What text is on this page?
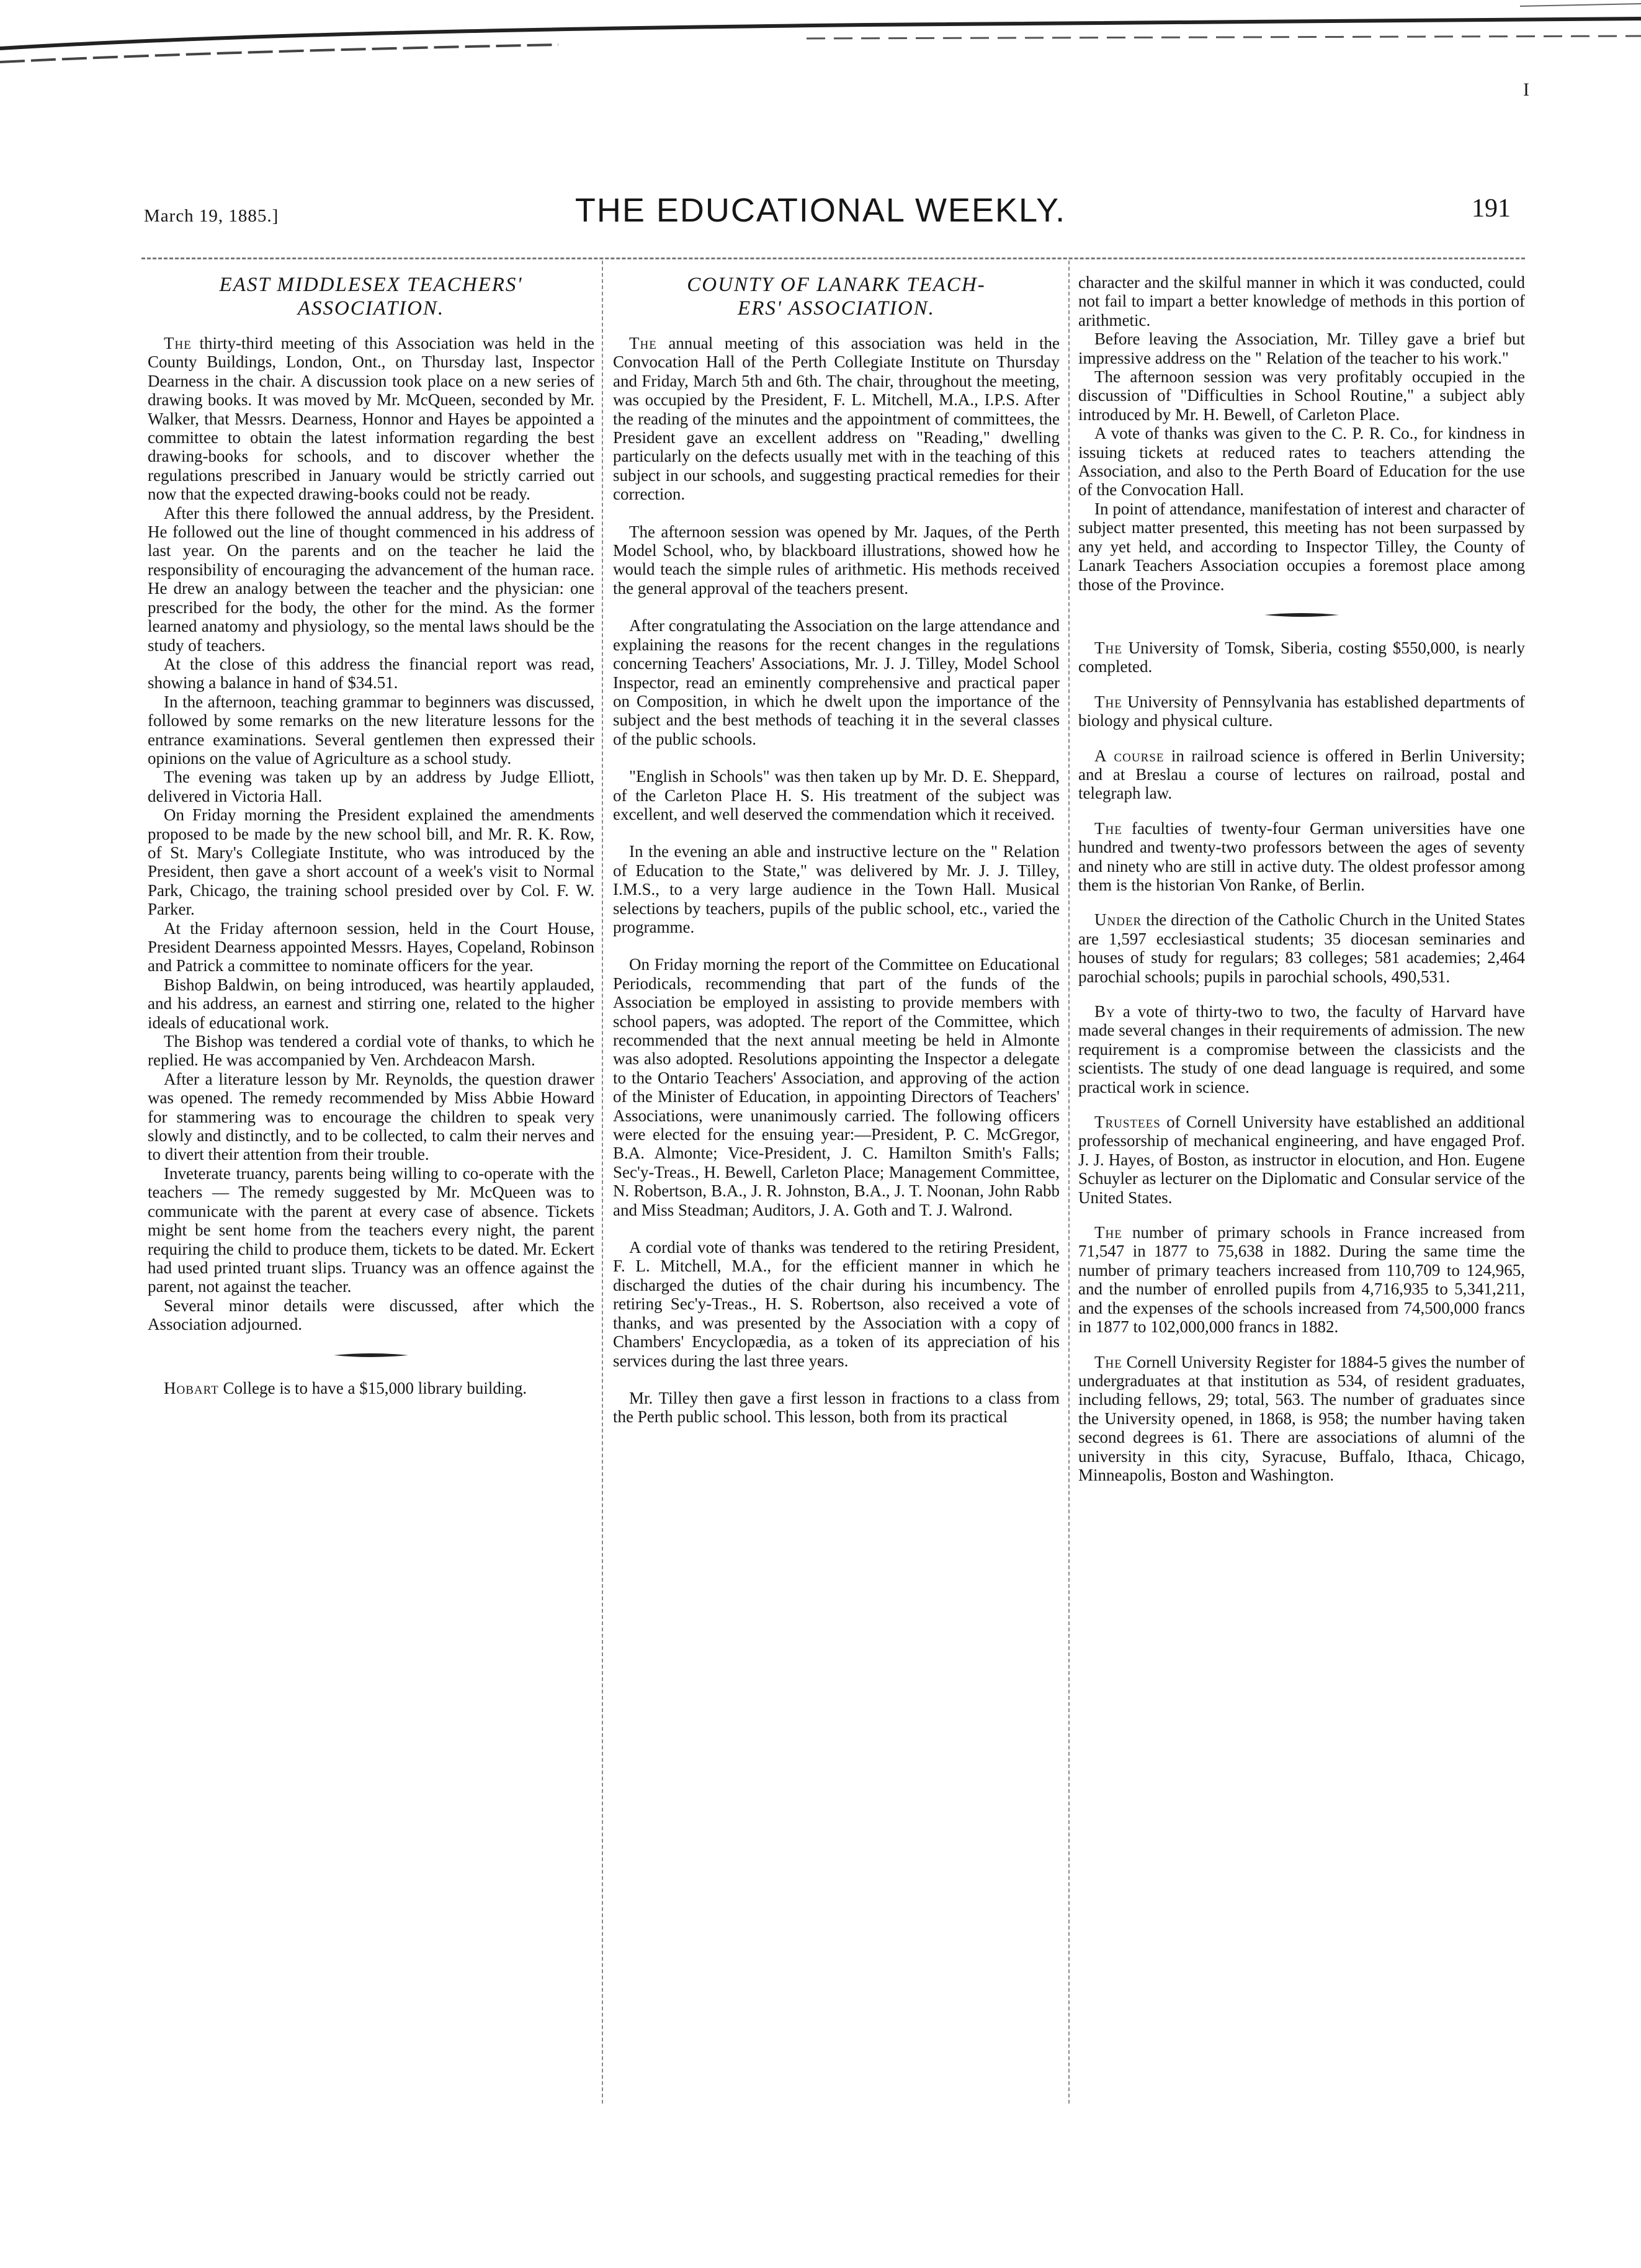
I
March 19, 1885.]	THE EDUCATIONAL WEEKLY.	191
EAST MIDDLESEX TEACHERS'
ASSOCIATION.

The thirty-third meeting of this Association was held in the County Buildings, London, Ont., on Thursday last, Inspector Dearness in the chair. A discussion took place on a new series of drawing books. It was moved by Mr. McQueen, seconded by Mr. Walker, that Messrs. Dearness, Honnor and Hayes be appointed a committee to obtain the latest information regarding the best drawing-books for schools, and to discover whether the regulations prescribed in January would be strictly carried out now that the expected drawing-books could not be ready.

After this there followed the annual address, by the President. He followed out the line of thought commenced in his address of last year. On the parents and on the teacher he laid the responsibility of encouraging the advancement of the human race. He drew an analogy between the teacher and the physician: one prescribed for the body, the other for the mind. As the former learned anatomy and physiology, so the mental laws should be the study of teachers.

At the close of this address the financial report was read, showing a balance in hand of $34.51.

In the afternoon, teaching grammar to beginners was discussed, followed by some remarks on the new literature lessons for the entrance examinations. Several gentlemen then expressed their opinions on the value of Agriculture as a school study.

The evening was taken up by an address by Judge Elliott, delivered in Victoria Hall.

On Friday morning the President explained the amendments proposed to be made by the new school bill, and Mr. R. K. Row, of St. Mary's Collegiate Institute, who was introduced by the President, then gave a short account of a week's visit to Normal Park, Chicago, the training school presided over by Col. F. W. Parker.

At the Friday afternoon session, held in the Court House, President Dearness appointed Messrs. Hayes, Copeland, Robinson and Patrick a committee to nominate officers for the year.

Bishop Baldwin, on being introduced, was heartily applauded, and his address, an earnest and stirring one, related to the higher ideals of educational work.

The Bishop was tendered a cordial vote of thanks, to which he replied. He was accompanied by Ven. Archdeacon Marsh.

After a literature lesson by Mr. Reynolds, the question drawer was opened. The remedy recommended by Miss Abbie Howard for stammering was to encourage the children to speak very slowly and distinctly, and to be collected, to calm their nerves and to divert their attention from their trouble.

Inveterate truancy, parents being willing to co-operate with the teachers — The remedy suggested by Mr. McQueen was to communicate with the parent at every case of absence. Tickets might be sent home from the teachers every night, the parent requiring the child to produce them, tickets to be dated. Mr. Eckert had used printed truant slips. Truancy was an offence against the parent, not against the teacher.

Several minor details were discussed, after which the Association adjourned.

Hobart College is to have a $15,000 library building.

COUNTY OF LANARK TEACH-
ERS' ASSOCIATION.

The annual meeting of this association was held in the Convocation Hall of the Perth Collegiate Institute on Thursday and Friday, March 5th and 6th. The chair, throughout the meeting, was occupied by the President, F. L. Mitchell, M.A., I.P.S. After the reading of the minutes and the appointment of committees, the President gave an excellent address on "Reading," dwelling particularly on the defects usually met with in the teaching of this subject in our schools, and suggesting practical remedies for their correction.

The afternoon session was opened by Mr. Jaques, of the Perth Model School, who, by blackboard illustrations, showed how he would teach the simple rules of arithmetic. His methods received the general approval of the teachers present.

After congratulating the Association on the large attendance and explaining the reasons for the recent changes in the regulations concerning Teachers' Associations, Mr. J. J. Tilley, Model School Inspector, read an eminently comprehensive and practical paper on Composition, in which he dwelt upon the importance of the subject and the best methods of teaching it in the several classes of the public schools.

"English in Schools" was then taken up by Mr. D. E. Sheppard, of the Carleton Place H. S. His treatment of the subject was excellent, and well deserved the commendation which it received.

In the evening an able and instructive lecture on the " Relation of Education to the State," was delivered by Mr. J. J. Tilley, I.M.S., to a very large audience in the Town Hall. Musical selections by teachers, pupils of the public school, etc., varied the programme.

On Friday morning the report of the Committee on Educational Periodicals, recommending that part of the funds of the Association be employed in assisting to provide members with school papers, was adopted. The report of the Committee, which recommended that the next annual meeting be held in Almonte was also adopted. Resolutions appointing the Inspector a delegate to the Ontario Teachers' Association, and approving of the action of the Minister of Education, in appointing Directors of Teachers' Associations, were unanimously carried. The following officers were elected for the ensuing year:—President, P. C. McGregor, B.A. Almonte; Vice-President, J. C. Hamilton Smith's Falls; Sec'y-Treas., H. Bewell, Carleton Place; Management Committee, N. Robertson, B.A., J. R. Johnston, B.A., J. T. Noonan, John Rabb and Miss Steadman; Auditors, J. A. Goth and T. J. Walrond.

A cordial vote of thanks was tendered to the retiring President, F. L. Mitchell, M.A., for the efficient manner in which he discharged the duties of the chair during his incumbency. The retiring Sec'y-Treas., H. S. Robertson, also received a vote of thanks, and was presented by the Association with a copy of Chambers' Encyclopædia, as a token of its appreciation of his services during the last three years.

Mr. Tilley then gave a first lesson in fractions to a class from the Perth public school. This lesson, both from its practical

character and the skilful manner in which it was conducted, could not fail to impart a better knowledge of methods in this portion of arithmetic.

Before leaving the Association, Mr. Tilley gave a brief but impressive address on the " Relation of the teacher to his work."

The afternoon session was very profitably occupied in the discussion of "Difficulties in School Routine," a subject ably introduced by Mr. H. Bewell, of Carleton Place.

A vote of thanks was given to the C. P. R. Co., for kindness in issuing tickets at reduced rates to teachers attending the Association, and also to the Perth Board of Education for the use of the Convocation Hall.

In point of attendance, manifestation of interest and character of subject matter presented, this meeting has not been surpassed by any yet held, and according to Inspector Tilley, the County of Lanark Teachers Association occupies a foremost place among those of the Province.

The University of Tomsk, Siberia, costing $550,000, is nearly completed.

The University of Pennsylvania has established departments of biology and physical culture.

A course in railroad science is offered in Berlin University; and at Breslau a course of lectures on railroad, postal and telegraph law.

The faculties of twenty-four German universities have one hundred and twenty-two professors between the ages of seventy and ninety who are still in active duty. The oldest professor among them is the historian Von Ranke, of Berlin.

Under the direction of the Catholic Church in the United States are 1,597 ecclesiastical students; 35 diocesan seminaries and houses of study for regulars; 83 colleges; 581 academies; 2,464 parochial schools; pupils in parochial schools, 490,531.

By a vote of thirty-two to two, the faculty of Harvard have made several changes in their requirements of admission. The new requirement is a compromise between the classicists and the scientists. The study of one dead language is required, and some practical work in science.

Trustees of Cornell University have established an additional professorship of mechanical engineering, and have engaged Prof. J. J. Hayes, of Boston, as instructor in elocution, and Hon. Eugene Schuyler as lecturer on the Diplomatic and Consular service of the United States.

The number of primary schools in France increased from 71,547 in 1877 to 75,638 in 1882. During the same time the number of primary teachers increased from 110,709 to 124,965, and the number of enrolled pupils from 4,716,935 to 5,341,211, and the expenses of the schools increased from 74,500,000 francs in 1877 to 102,000,000 francs in 1882.

The Cornell University Register for 1884-5 gives the number of undergraduates at that institution as 534, of resident graduates, including fellows, 29; total, 563. The number of graduates since the University opened, in 1868, is 958; the number having taken second degrees is 61. There are associations of alumni of the university in this city, Syracuse, Buffalo, Ithaca, Chicago, Minneapolis, Boston and Washington.
